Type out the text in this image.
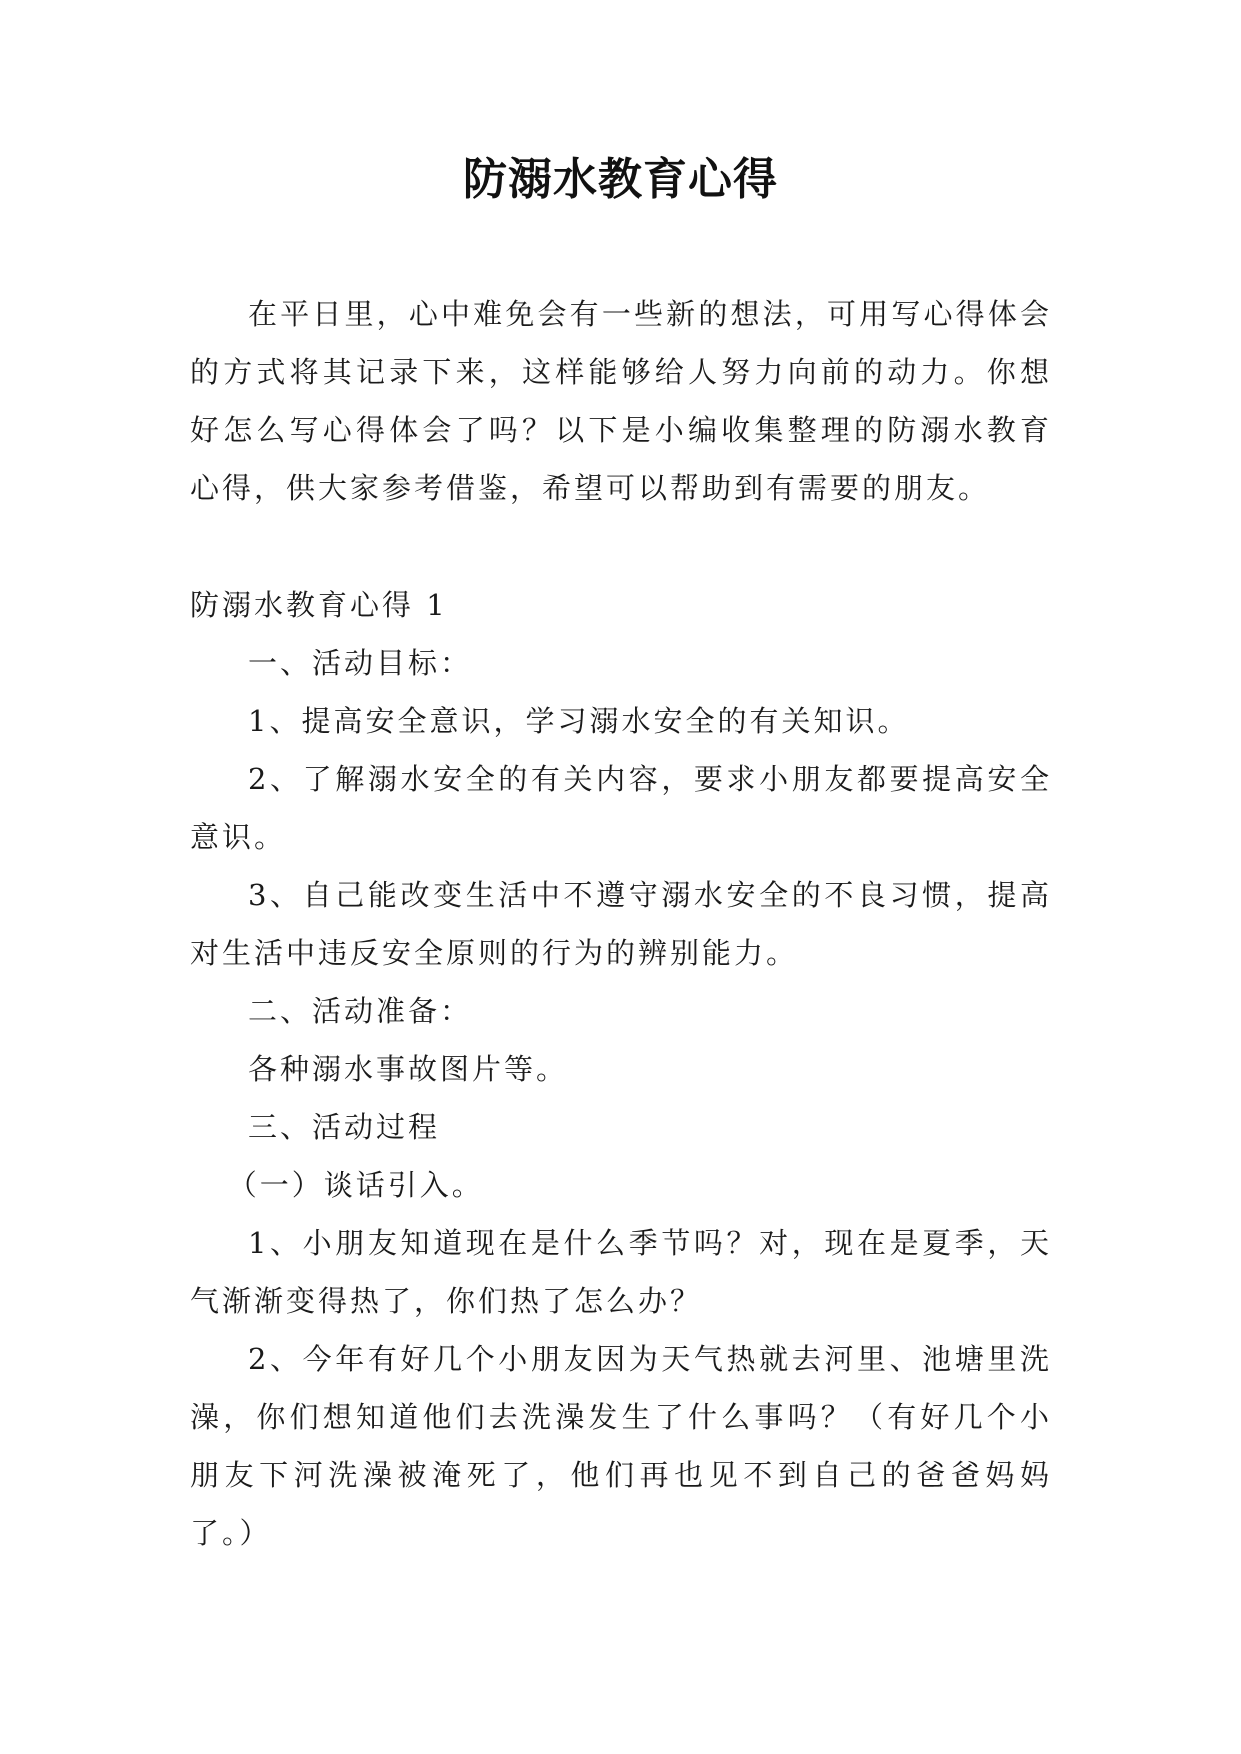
防溺水教育心得

在平日里，心中难免会有一些新的想法，可用写心得体会的方式将其记录下来，这样能够给人努力向前的动力。你想好怎么写心得体会了吗？以下是小编收集整理的防溺水教育心得，供大家参考借鉴，希望可以帮助到有需要的朋友。

防溺水教育心得 1

一、活动目标：

1、提高安全意识，学习溺水安全的有关知识。

2、了解溺水安全的有关内容，要求小朋友都要提高安全意识。

3、自己能改变生活中不遵守溺水安全的不良习惯，提高对生活中违反安全原则的行为的辨别能力。

二、活动准备：

各种溺水事故图片等。

三、活动过程

（一）谈话引入。

1、小朋友知道现在是什么季节吗？对，现在是夏季，天气渐渐变得热了，你们热了怎么办？

2、今年有好几个小朋友因为天气热就去河里、池塘里洗澡，你们想知道他们去洗澡发生了什么事吗？（有好几个小朋友下河洗澡被淹死了，他们再也见不到自己的爸爸妈妈了。）
